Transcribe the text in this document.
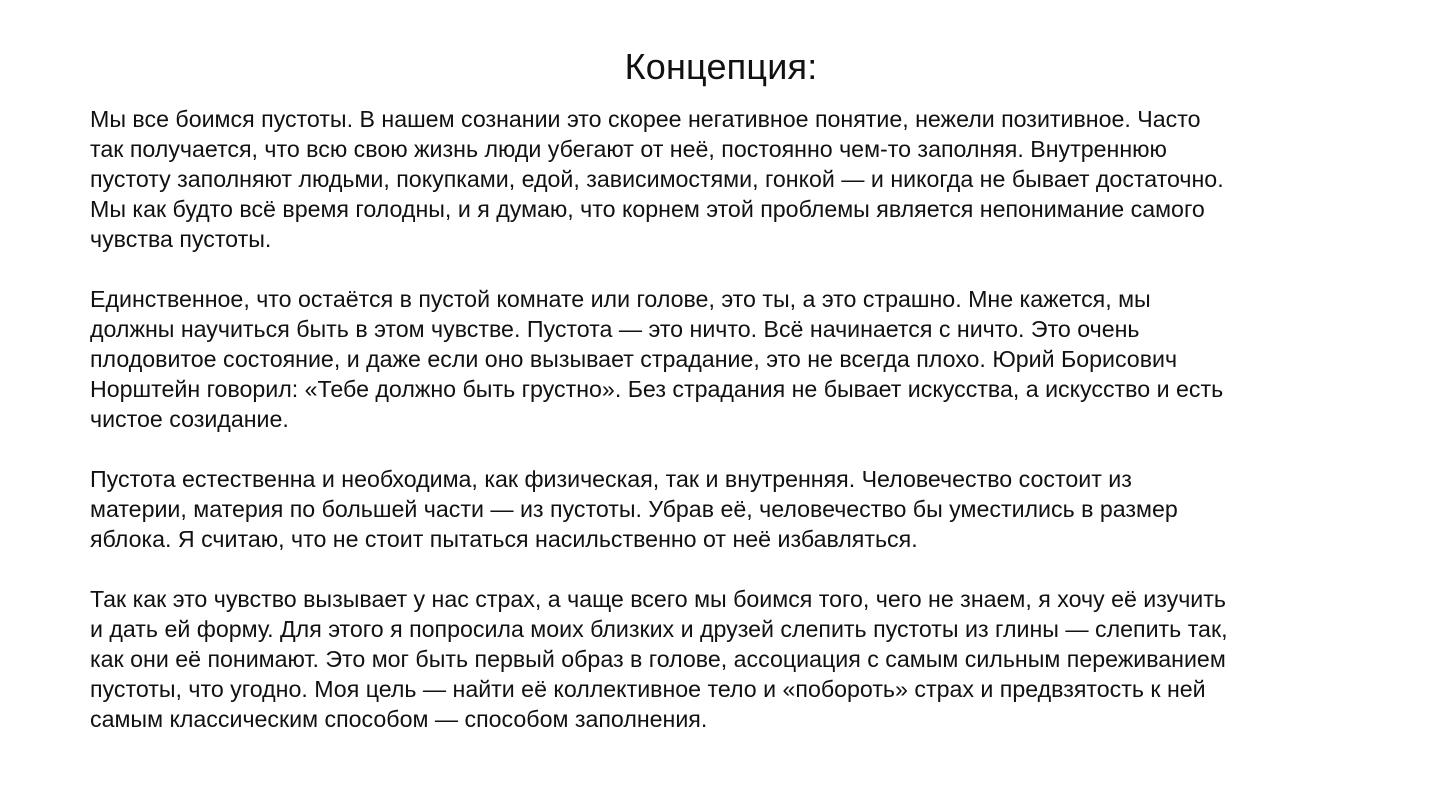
Концепция:

Мы все боимся пустоты. В нашем сознании это скорее негативное понятие, нежели позитивное. Часто
так получается, что всю свою жизнь люди убегают от неё, постоянно чем-то заполняя. Внутреннюю
пустоту заполняют людьми, покупками, едой, зависимостями, гонкой — и никогда не бывает достаточно.
Мы как будто всё время голодны, и я думаю, что корнем этой проблемы является непонимание самого
чувства пустоты.

Единственное, что остаётся в пустой комнате или голове, это ты, а это страшно. Мне кажется, мы
должны научиться быть в этом чувстве. Пустота — это ничто. Всё начинается с ничто. Это очень
плодовитое состояние, и даже если оно вызывает страдание, это не всегда плохо. Юрий Борисович
Норштейн говорил: «Тебе должно быть грустно». Без страдания не бывает искусства, а искусство и есть
чистое созидание.

Пустота естественна и необходима, как физическая, так и внутренняя. Человечество состоит из
материи, материя по большей части — из пустоты. Убрав её, человечество бы уместились в размер
яблока. Я считаю, что не стоит пытаться насильственно от неё избавляться.

Так как это чувство вызывает у нас страх, а чаще всего мы боимся того, чего не знаем, я хочу её изучить
и дать ей форму. Для этого я попросила моих близких и друзей слепить пустоты из глины — слепить так,
как они её понимают. Это мог быть первый образ в голове, ассоциация с самым сильным переживанием
пустоты, что угодно. Моя цель — найти её коллективное тело и «побороть» страх и предвзятость к ней
самым классическим способом — способом заполнения.
